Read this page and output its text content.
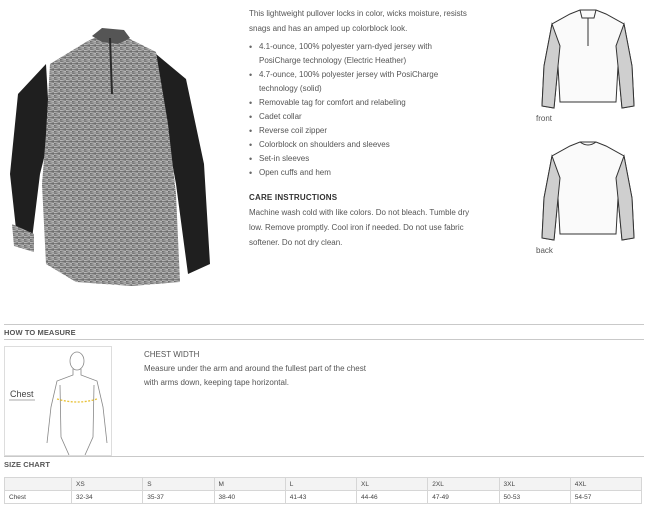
This lightweight pullover locks in color, wicks moisture, resists snags and has an amped up colorblock look.

• 4.1-ounce, 100% polyester yarn-dyed jersey with PosiCharge technology (Electric Heather)
• 4.7-ounce, 100% polyester jersey with PosiCharge technology (solid)
• Removable tag for comfort and relabeling
• Cadet collar
• Reverse coil zipper
• Colorblock on shoulders and sleeves
• Set-in sleeves
• Open cuffs and hem

CARE INSTRUCTIONS

Machine wash cold with like colors. Do not bleach. Tumble dry low. Remove promptly. Cool iron if needed. Do not use fabric softener. Do not dry clean.

front
back
HOW TO MEASURE
Chest
CHEST WIDTH
Measure under the arm and around the fullest part of the chest with arms down, keeping tape horizontal.
SIZE CHART
	XS	S	M	L	XL	2XL	3XL	4XL
Chest	32-34	35-37	38-40	41-43	44-46	47-49	50-53	54-57
